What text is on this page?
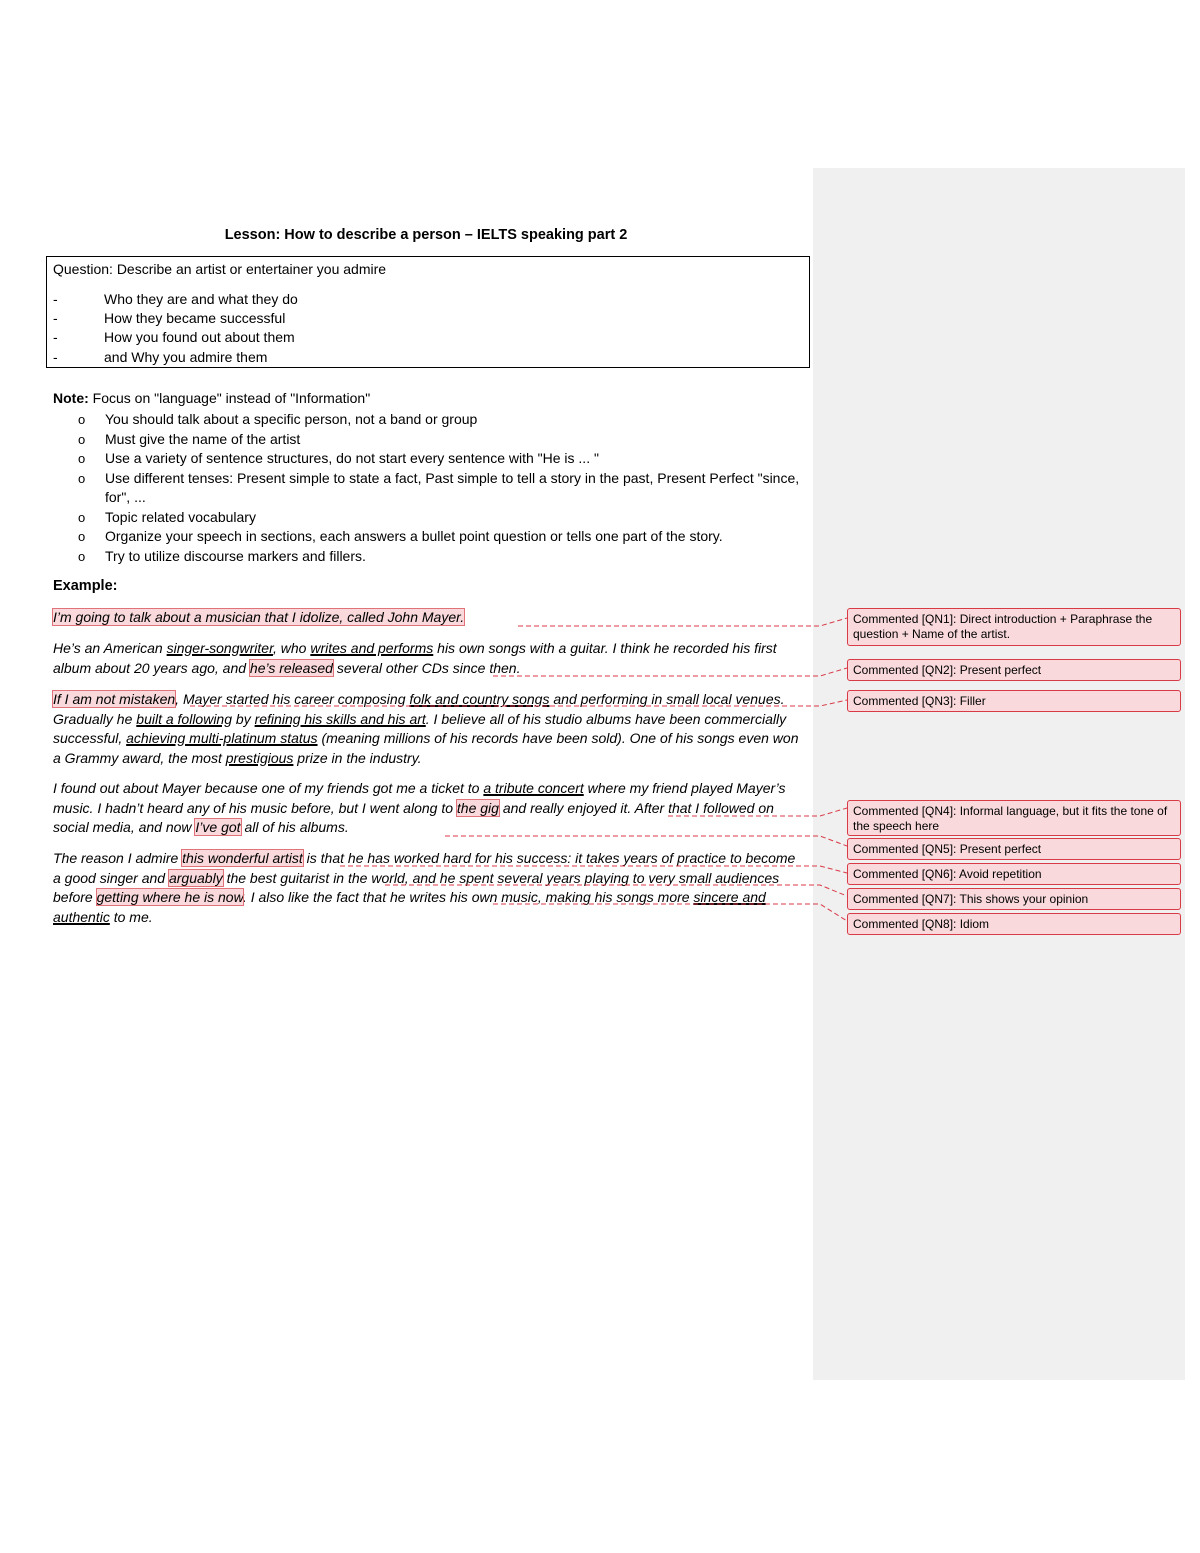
Lesson: How to describe a person – IELTS speaking part 2
Question: Describe an artist or entertainer you admire
-	Who they are and what they do
-	How they became successful
-	How you found out about them
-	and Why you admire them
Note: Focus on "language" instead of "Information"
o You should talk about a specific person, not a band or group
o Must give the name of the artist
o Use a variety of sentence structures, do not start every sentence with "He is ... "
o Use different tenses: Present simple to state a fact, Past simple to tell a story in the past, Present Perfect "since, for", ...
o Topic related vocabulary
o Organize your speech in sections, each answers a bullet point question or tells one part of the story.
o Try to utilize discourse markers and fillers.
Example:
I’m going to talk about a musician that I idolize, called John Mayer.
He’s an American singer-songwriter, who writes and performs his own songs with a guitar. I think he recorded his first album about 20 years ago, and he’s released several other CDs since then.
If I am not mistaken, Mayer started his career composing folk and country songs and performing in small local venues. Gradually he built a following by refining his skills and his art. I believe all of his studio albums have been commercially successful, achieving multi-platinum status (meaning millions of his records have been sold). One of his songs even won a Grammy award, the most prestigious prize in the industry.
I found out about Mayer because one of my friends got me a ticket to a tribute concert where my friend played Mayer’s music. I hadn’t heard any of his music before, but I went along to the gig and really enjoyed it. After that I followed on social media, and now I’ve got all of his albums.
The reason I admire this wonderful artist is that he has worked hard for his success: it takes years of practice to become a good singer and arguably the best guitarist in the world, and he spent several years playing to very small audiences before getting where he is now. I also like the fact that he writes his own music, making his songs more sincere and authentic to me.
Commented [QN1]: Direct introduction + Paraphrase the question + Name of the artist.
Commented [QN2]: Present perfect
Commented [QN3]: Filler
Commented [QN4]: Informal language, but it fits the tone of the speech here
Commented [QN5]: Present perfect
Commented [QN6]: Avoid repetition
Commented [QN7]: This shows your opinion
Commented [QN8]: Idiom
